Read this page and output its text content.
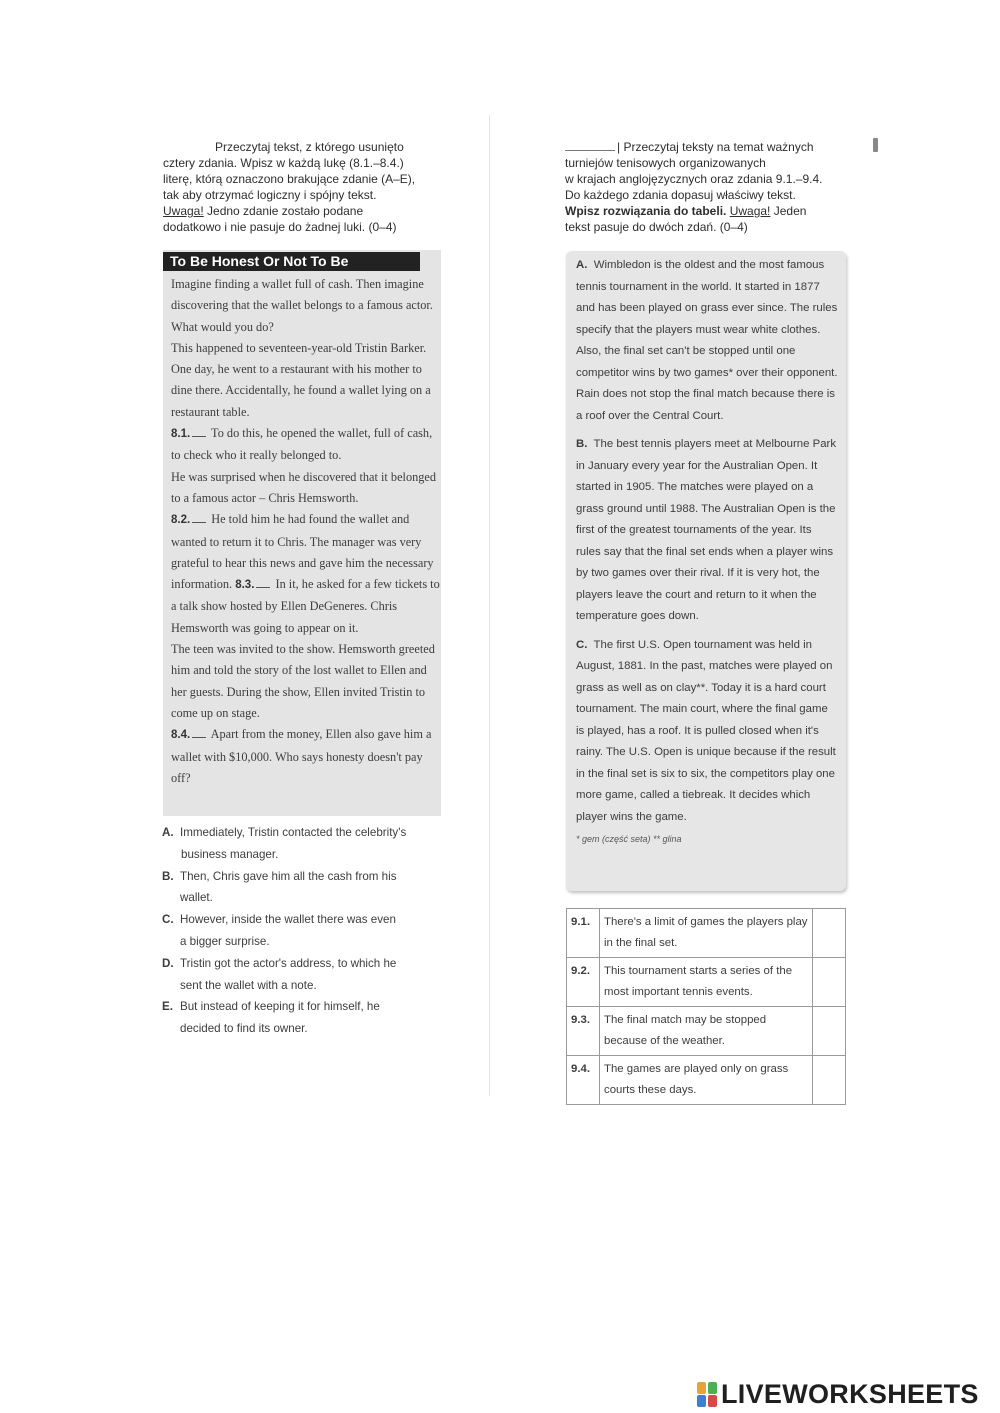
Przeczytaj tekst, z którego usunięto
cztery zdania. Wpisz w każdą lukę (8.1.–8.4.)
literę, którą oznaczono brakujące zdanie (A–E),
tak aby otrzymać logiczny i spójny tekst.
Uwaga! Jedno zdanie zostało podane
dodatkowo i nie pasuje do żadnej luki. (0–4)
To Be Honest Or Not To Be

Imagine finding a wallet full of cash. Then imagine discovering that the wallet belongs to a famous actor. What would you do?

This happened to seventeen-year-old Tristin Barker. One day, he went to a restaurant with his mother to dine there. Accidentally, he found a wallet lying on a restaurant table.

8.1. To do this, he opened the wallet, full of cash, to check who it really belonged to.

He was surprised when he discovered that it belonged to a famous actor – Chris Hemsworth.

8.2. He told him he had found the wallet and wanted to return it to Chris. The manager was very grateful to hear this news and gave him the necessary information. 8.3. In it, he asked for a few tickets to a talk show hosted by Ellen DeGeneres. Chris Hemsworth was going to appear on it.

The teen was invited to the show. Hemsworth greeted him and told the story of the lost wallet to Ellen and her guests. During the show, Ellen invited Tristin to come up on stage.

8.4. Apart from the money, Ellen also gave him a wallet with $10,000. Who says honesty doesn't pay off?

A. Immediately, Tristin contacted the celebrity's
business manager.
B. Then, Chris gave him all the cash from his
wallet.
C. However, inside the wallet there was even
a bigger surprise.
D. Tristin got the actor's address, to which he
sent the wallet with a note.
E. But instead of keeping it for himself, he
decided to find its owner.
| Przeczytaj teksty na temat ważnych
turniejów tenisowych organizowanych
w krajach anglojęzycznych oraz zdania 9.1.–9.4.
Do każdego zdania dopasuj właściwy tekst.
Wpisz rozwiązania do tabeli. Uwaga! Jeden
tekst pasuje do dwóch zdań. (0–4)

A. Wimbledon is the oldest and the most famous tennis tournament in the world. It started in 1877 and has been played on grass ever since. The rules specify that the players must wear white clothes. Also, the final set can't be stopped until one competitor wins by two games* over their opponent. Rain does not stop the final match because there is a roof over the Central Court.

B. The best tennis players meet at Melbourne Park in January every year for the Australian Open. It started in 1905. The matches were played on a grass ground until 1988. The Australian Open is the first of the greatest tournaments of the year. Its rules say that the final set ends when a player wins by two games over their rival. If it is very hot, the players leave the court and return to it when the temperature goes down.

C. The first U.S. Open tournament was held in August, 1881. In the past, matches were played on grass as well as on clay**. Today it is a hard court tournament. The main court, where the final game is played, has a roof. It is pulled closed when it's rainy. The U.S. Open is unique because if the result in the final set is six to six, the competitors play one more game, called a tiebreak. It decides which player wins the game.

* gem (część seta) ** glina
9.1.	There's a limit of games the players play in the final set.	
9.2.	This tournament starts a series of the most important tennis events.	
9.3.	The final match may be stopped because of the weather.	
9.4.	The games are played only on grass courts these days.	
LIVEWORKSHEETS
